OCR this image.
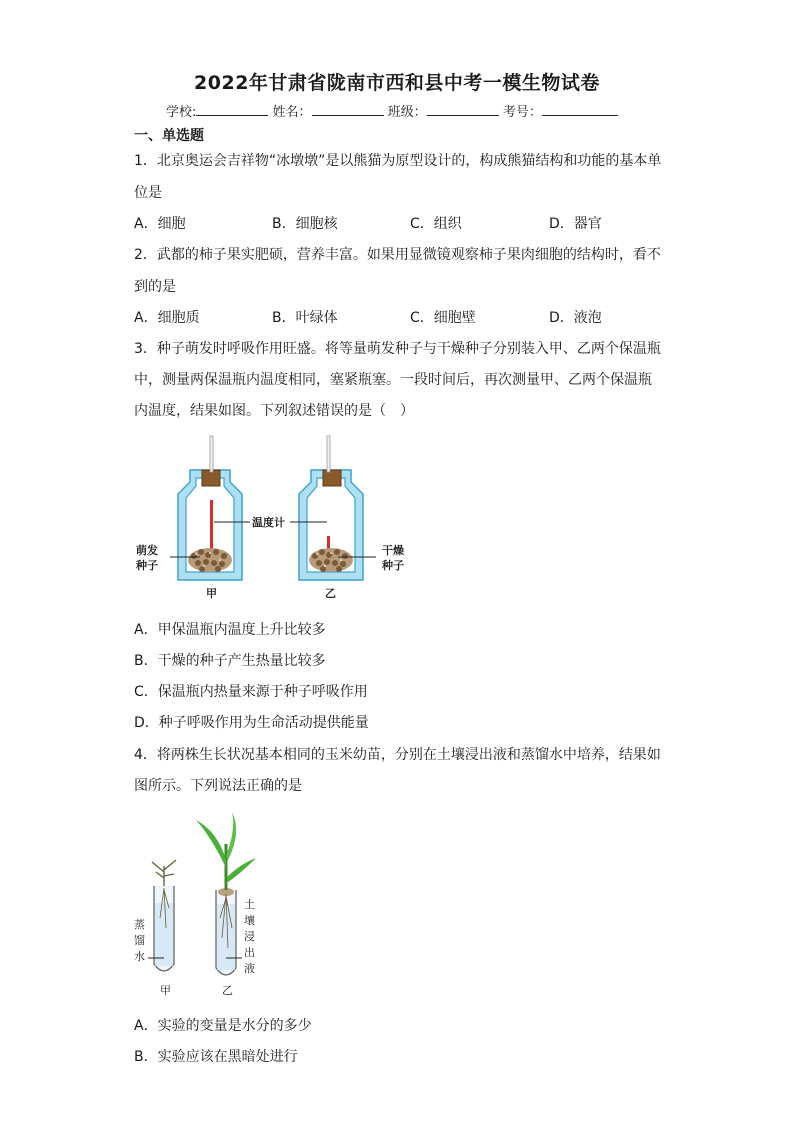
2022年甘肃省陇南市西和县中考一模生物试卷
学校:	姓名：	班级：	考号：
一、单选题
1．北京奥运会吉祥物“冰墩墩”是以熊猫为原型设计的，构成熊猫结构和功能的基本单
位是
A．细胞	B．细胞核	C．组织	D．器官
2．武都的柿子果实肥硕，营养丰富。如果用显微镜观察柿子果肉细胞的结构时，看不
到的是
A．细胞质	B．叶绿体	C．细胞壁	D．液泡
3．种子萌发时呼吸作用旺盛。将等量萌发种子与干燥种子分别装入甲、乙两个保温瓶
中，测量两保温瓶内温度相同，塞紧瓶塞。一段时间后，再次测量甲、乙两个保温瓶
内温度，结果如图。下列叙述错误的是（　）
温度计
萌发
种子
干燥
种子
甲	乙
A．甲保温瓶内温度上升比较多
B．干燥的种子产生热量比较多
C．保温瓶内热量来源于种子呼吸作用
D．种子呼吸作用为生命活动提供能量
4．将两株生长状况基本相同的玉米幼苗，分别在土壤浸出液和蒸馏水中培养，结果如
图所示。下列说法正确的是
蒸
馏
水
土
壤
浸
出
液
甲	乙
A．实验的变量是水分的多少
B．实验应该在黑暗处进行
